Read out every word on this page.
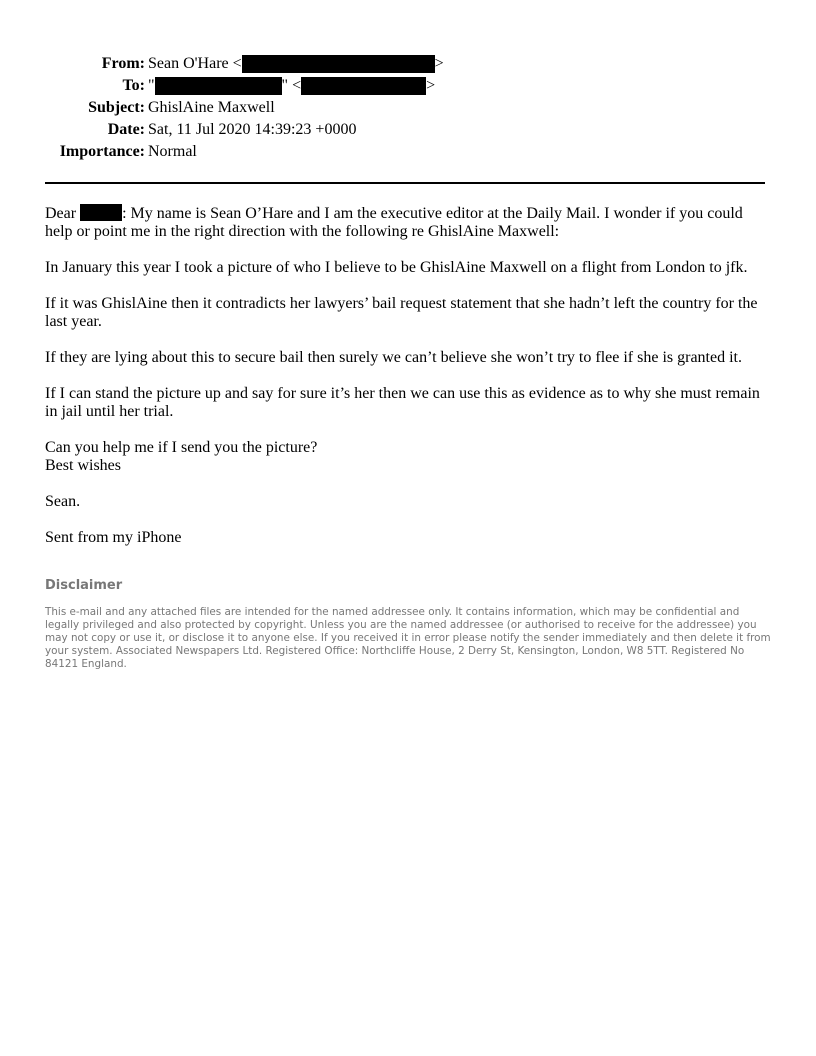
From: Sean O'Hare <	>
To: "	" <	>
Subject: GhislAine Maxwell
Date: Sat, 11 Jul 2020 14:39:23 +0000
Importance: Normal

Dear	: My name is Sean O’Hare and I am the executive editor at the Daily Mail. I wonder if you could help or point me in the right direction with the following re GhislAine Maxwell:

In January this year I took a picture of who I believe to be GhislAine Maxwell on a flight from London to jfk.

If it was GhislAine then it contradicts her lawyers’ bail request statement that she hadn’t left the country for the last year.

If they are lying about this to secure bail then surely we can’t believe she won’t try to flee if she is granted it.

If I can stand the picture up and say for sure it’s her then we can use this as evidence as to why she must remain in jail until her trial.

Can you help me if I send you the picture?

Best wishes

Sean.

Sent from my iPhone

Disclaimer
This e-mail and any attached files are intended for the named addressee only. It contains information, which may be confidential and legally privileged and also protected by copyright. Unless you are the named addressee (or authorised to receive for the addressee) you may not copy or use it, or disclose it to anyone else. If you received it in error please notify the sender immediately and then delete it from your system. Associated Newspapers Ltd. Registered Office: Northcliffe House, 2 Derry St, Kensington, London, W8 5TT. Registered No 84121 England.
